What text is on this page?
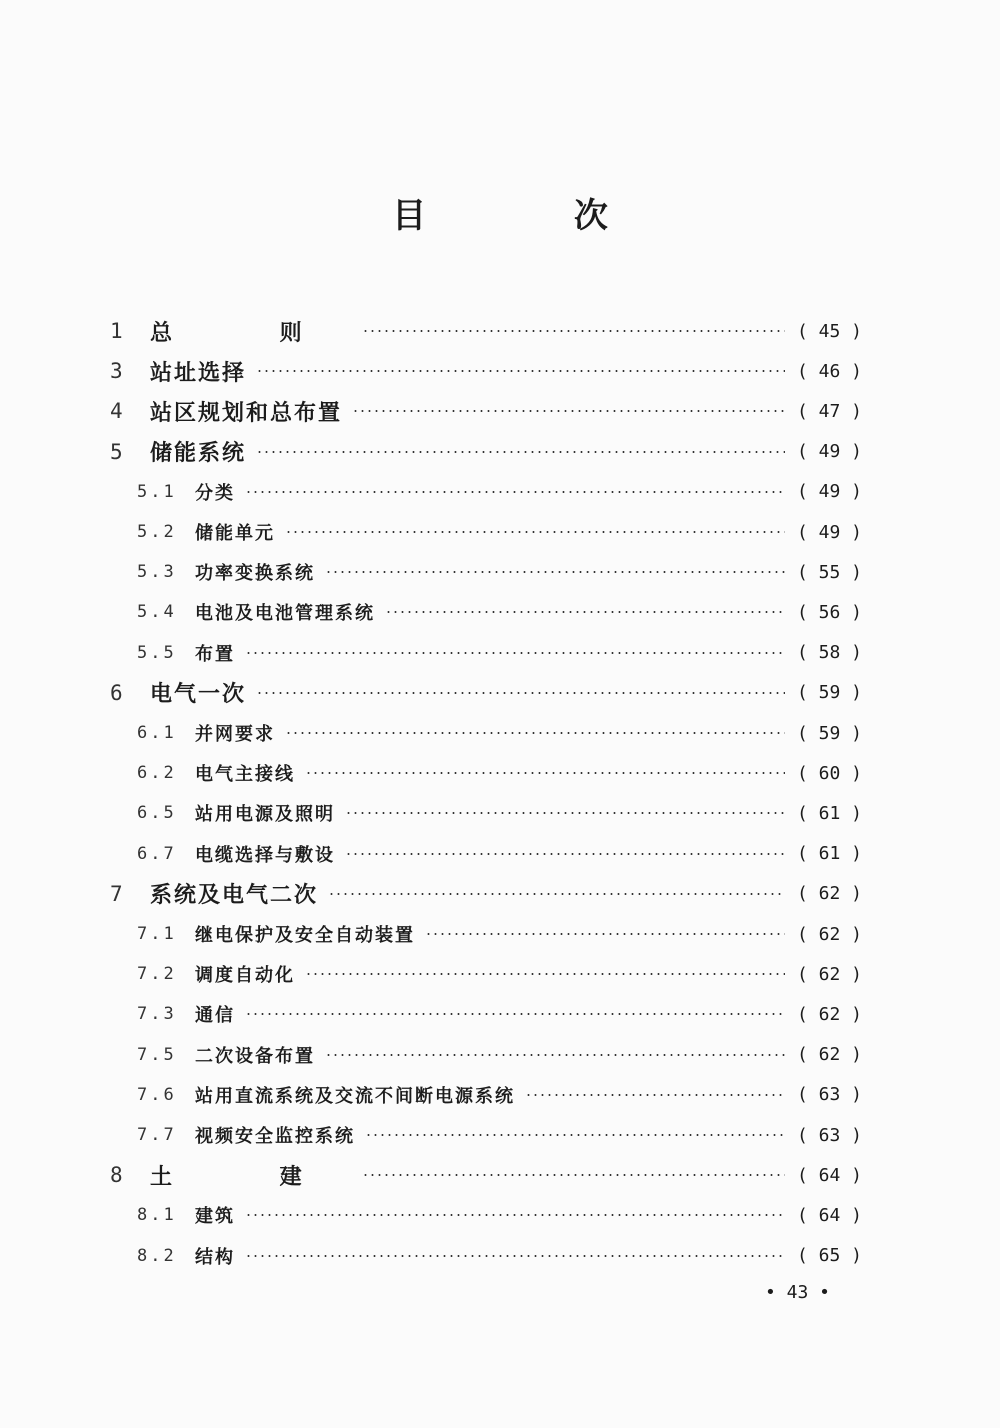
目 次
1	总 则	( 45 )
3	站址选择	( 46 )
4	站区规划和总布置	( 47 )
5	储能系统	( 49 )
5.1	分类	( 49 )
5.2	储能单元	( 49 )
5.3	功率变换系统	( 55 )
5.4	电池及电池管理系统	( 56 )
5.5	布置	( 58 )
6	电气一次	( 59 )
6.1	并网要求	( 59 )
6.2	电气主接线	( 60 )
6.5	站用电源及照明	( 61 )
6.7	电缆选择与敷设	( 61 )
7	系统及电气二次	( 62 )
7.1	继电保护及安全自动装置	( 62 )
7.2	调度自动化	( 62 )
7.3	通信	( 62 )
7.5	二次设备布置	( 62 )
7.6	站用直流系统及交流不间断电源系统	( 63 )
7.7	视频安全监控系统	( 63 )
8	土 建	( 64 )
8.1	建筑	( 64 )
8.2	结构	( 65 )
• 43 •
